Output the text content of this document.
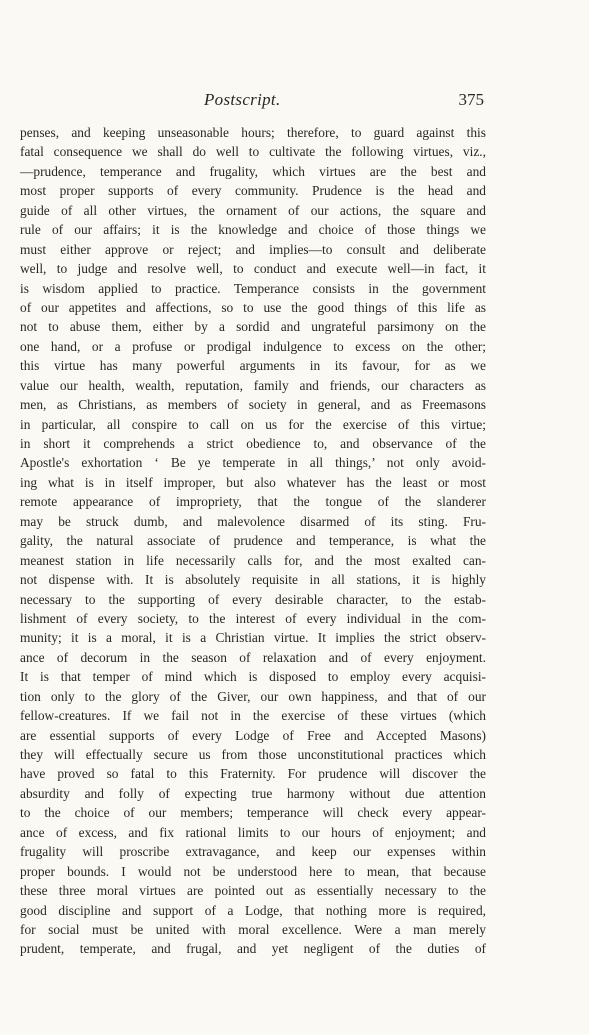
Postscript.	375
penses, and keeping unseasonable hours; therefore, to guard against this
fatal consequence we shall do well to cultivate the following virtues, viz.,
—prudence, temperance and frugality, which virtues are the best and
most proper supports of every community. Prudence is the head and
guide of all other virtues, the ornament of our actions, the square and
rule of our affairs; it is the knowledge and choice of those things we
must either approve or reject; and implies—to consult and deliberate
well, to judge and resolve well, to conduct and execute well—in fact, it
is wisdom applied to practice. Temperance consists in the government
of our appetites and affections, so to use the good things of this life as
not to abuse them, either by a sordid and ungrateful parsimony on the
one hand, or a profuse or prodigal indulgence to excess on the other;
this virtue has many powerful arguments in its favour, for as we
value our health, wealth, reputation, family and friends, our characters as
men, as Christians, as members of society in general, and as Freemasons
in particular, all conspire to call on us for the exercise of this virtue;
in short it comprehends a strict obedience to, and observance of the
Apostle's exhortation ‘ Be ye temperate in all things,’ not only avoid-
ing what is in itself improper, but also whatever has the least or most
remote appearance of impropriety, that the tongue of the slanderer
may be struck dumb, and malevolence disarmed of its sting. Fru-
gality, the natural associate of prudence and temperance, is what the
meanest station in life necessarily calls for, and the most exalted can-
not dispense with. It is absolutely requisite in all stations, it is highly
necessary to the supporting of every desirable character, to the estab-
lishment of every society, to the interest of every individual in the com-
munity; it is a moral, it is a Christian virtue. It implies the strict observ-
ance of decorum in the season of relaxation and of every enjoyment.
It is that temper of mind which is disposed to employ every acquisi-
tion only to the glory of the Giver, our own happiness, and that of our
fellow-creatures. If we fail not in the exercise of these virtues (which
are essential supports of every Lodge of Free and Accepted Masons)
they will effectually secure us from those unconstitutional practices which
have proved so fatal to this Fraternity. For prudence will discover the
absurdity and folly of expecting true harmony without due attention
to the choice of our members; temperance will check every appear-
ance of excess, and fix rational limits to our hours of enjoyment; and
frugality will proscribe extravagance, and keep our expenses within
proper bounds. I would not be understood here to mean, that because
these three moral virtues are pointed out as essentially necessary to the
good discipline and support of a Lodge, that nothing more is required,
for social must be united with moral excellence. Were a man merely
prudent, temperate, and frugal, and yet negligent of the duties of
